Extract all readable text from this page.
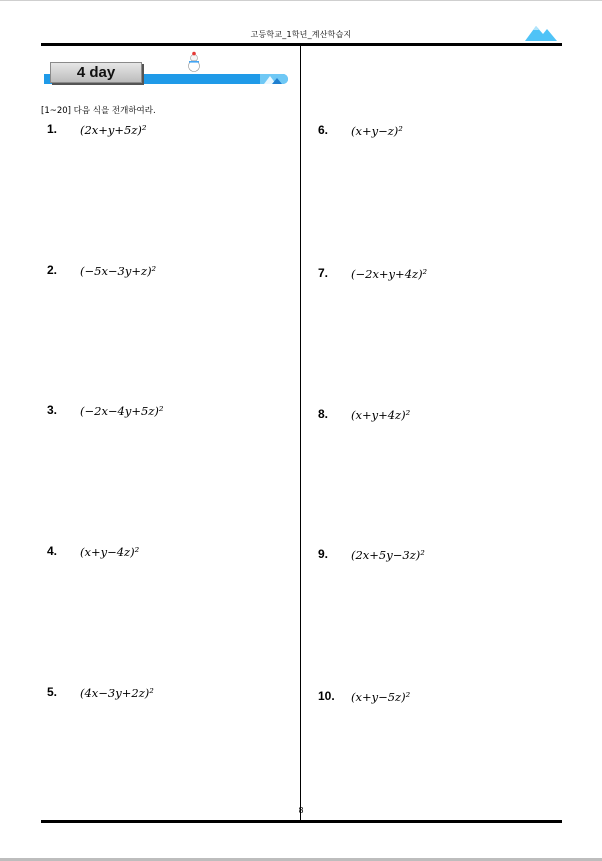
고등학교_1학년_계산학습지
4 day
[1~20] 다음 식을 전개하여라.
1. (2x+y+5z)²
2. (−5x−3y+z)²
3. (−2x−4y+5z)²
4. (x+y−4z)²
5. (4x−3y+2z)²
6. (x+y−z)²
7. (−2x+y+4z)²
8. (x+y+4z)²
9. (2x+5y−3z)²
10. (x+y−5z)²
8
